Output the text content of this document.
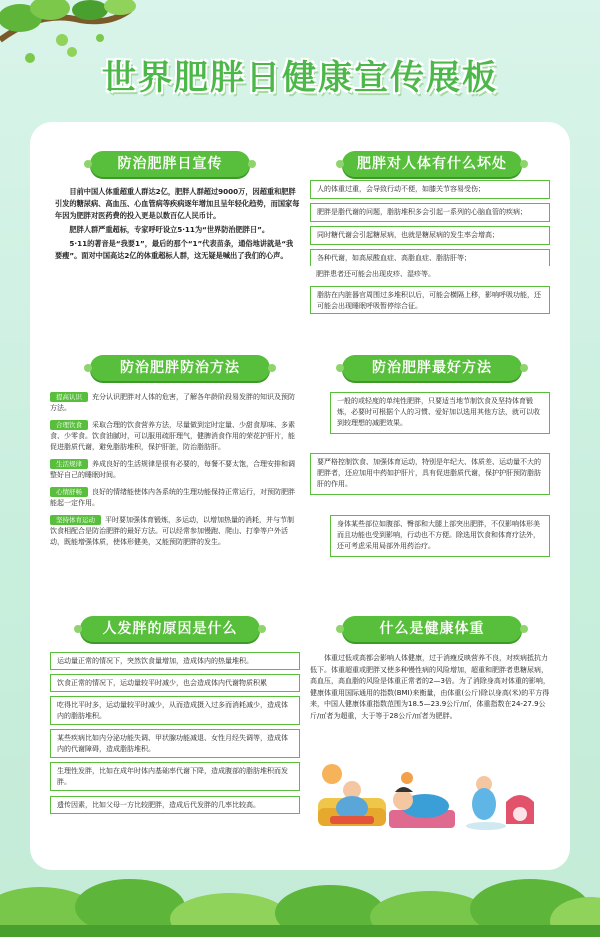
世界肥胖日健康宣传展板
防治肥胖日宣传

目前中国人体重超重人群达2亿，肥胖人群超过9000万，因超重和肥胖引发的糖尿病、高血压、心血管病等疾病逐年增加且呈年轻化趋势，而国家每年因为肥胖对医药费的投入更是以数百亿人民币计。

肥胖人群严重超标，专家呼吁设立5·11为“世界防治肥胖日”。

5·11的著音是“我要1”，最后的那个“1”代表苗条，通俗地讲就是“我要瘦”。面对中国高达2亿的体重超标人群，这无疑是喊出了我们的心声。

肥胖对人体有什么坏处
人的体重过重，会导致行动不便，如膝关节容易受伤；
肥胖是脂代谢的问题，脂肪堆积多会引起一系列的心脑血管的疾病；
同时糖代谢会引起糖尿病，也就是糖尿病的发生率会增高；
各种代谢，如高尿酸血症、高脂血症、脂肪肝等；
肥胖患者还可能会出现皮疹、湿疹等。
脂肪在内脏器官周围过多堆积以后，可能会横隔上移，影响呼吸功能，还可能会出现睡眠呼吸暂停综合征。
防治肥胖防治方法
提高认识 充分认识肥胖对人体的危害，了解各年龄阶段易发胖的知识及预防方法。
合理饮食 采取合理的饮食营养方法，尽量做到定时定量、少甜食厚味、多素食、少零食。饮食油腻时，可以服用疏肝理气，健脾消食作用的荣花护肝片，能促进脂质代谢，避免脂肪堆积，保护肝脏，防治脂肪肝。
生活规律 养成良好的生活规律是很有必要的，每餐不要太饱，合理安排和调整好自己的睡眠时间。
心情舒畅 良好的情绪能使体内各系统的生理功能保持正常运行，对预防肥胖能起一定作用。
坚持体育运动 平时要加强体育锻炼，多运动，以增加热量的消耗，并与节制饮食相配合是防治肥胖的最好方法。可以经常参加慢跑、爬山、打拳等户外活动，既能增强体质，使体形健美，又能预防肥胖的发生。
防治肥胖最好方法
一般的或轻度的单纯性肥胖，只要适当地节制饮食及坚持体育锻炼，必要时可根据个人的习惯、爱好加以选用其他方法，就可以收到较理想的减肥效果。
要严格控制饮食、加强体育运动，特别是年纪大、体质差、运动量不大的肥胖者，还应加用中药如护肝片，具有促进脂质代谢，保护护肝预防脂肪肝的作用。
身体某些部位如腹部、臀部和大腿上部突出肥胖，不仅影响体形美而且功能也受到影响，行动也不方便。除选用饮食和体育疗法外，还可考虑采用局部外用药治疗。
人发胖的原因是什么
运动量正常的情况下，突然饮食量增加，造成体内的热量堆积。
饮食正常的情况下，运动量较平时减少，也会造成体内代谢物质积累
吃得比平时多，运动量较平时减少，从而造成摄入过多而消耗减少，造成体内的脂肪堆积。
某些疾病比如内分泌功能失调、甲状腺功能减退、女性月经失调等，造成体内的代谢障碍，造成脂肪堆积。
生理性发胖，比如在成年时体内基础率代谢下降，造成腹部的脂肪堆积而发胖。
遗传因素，比如父母一方比较肥胖，造成后代发胖的几率比较高。
什么是健康体重

体重过低或高都会影响人体健康，过于消瘦反映营养不良，对疾病抵抗力低下。体重超重或肥胖又使多种慢性病的风险增加，超重和肥胖者患糖尿病，高血压，高血脂的风险是体重正常者的2—3倍。为了消除身高对体重的影响，健康体重用国际通用的指数(BMI)来衡量，由体重(公斤)除以身高(米)的平方得来，中国人健康体重指数范围为18.5—23.9公斤/㎡，体重指数在24-27.9公斤/㎡者为超重，大于等于28公斤/㎡者为肥胖。
